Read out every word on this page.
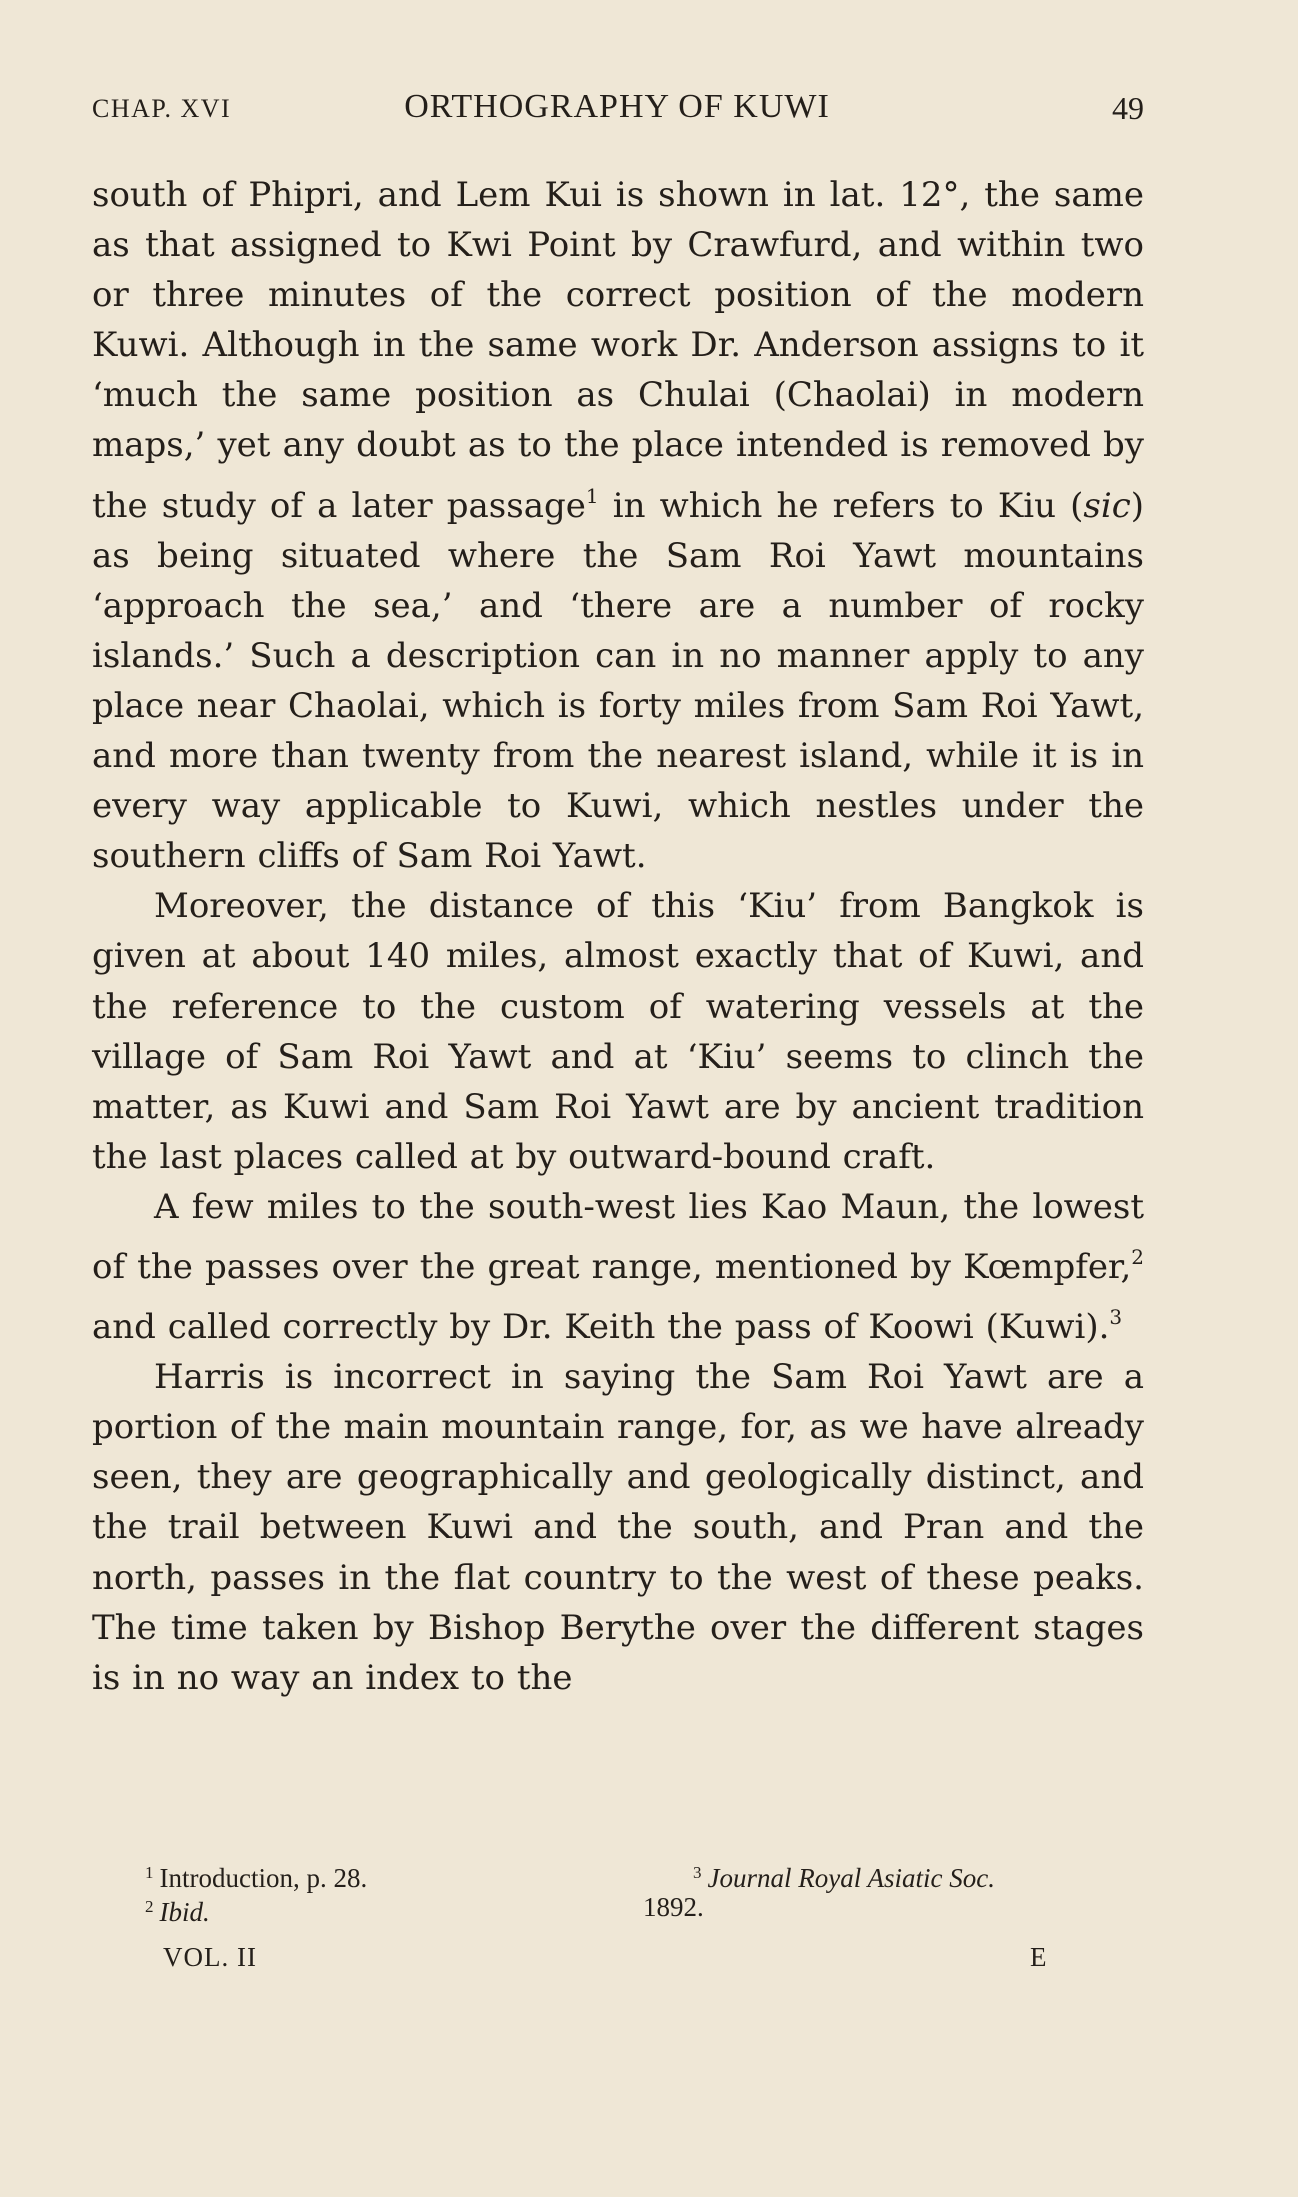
CHAP. XVI	ORTHOGRAPHY OF KUWI	49

south of Phipri, and Lem Kui is shown in lat. 12°, the same as that assigned to Kwi Point by Crawfurd, and within two or three minutes of the correct position of the modern Kuwi. Although in the same work Dr. Anderson assigns to it ‘much the same position as Chulai (Chaolai) in modern maps,’ yet any doubt as to the place intended is removed by the study of a later passage$^1$ in which he refers to Kiu (sic) as being situated where the Sam Roi Yawt mountains ‘approach the sea,’ and ‘there are a number of rocky islands.’ Such a description can in no manner apply to any place near Chaolai, which is forty miles from Sam Roi Yawt, and more than twenty from the nearest island, while it is in every way applicable to Kuwi, which nestles under the southern cliffs of Sam Roi Yawt.

Moreover, the distance of this ‘Kiu’ from Bangkok is given at about 140 miles, almost exactly that of Kuwi, and the reference to the custom of watering vessels at the village of Sam Roi Yawt and at ‘Kiu’ seems to clinch the matter, as Kuwi and Sam Roi Yawt are by ancient tradition the last places called at by outward-bound craft.

A few miles to the south-west lies Kao Maun, the lowest of the passes over the great range, mentioned by Kœmpfer,$^2$ and called correctly by Dr. Keith the pass of Koowi (Kuwi).$^3$

Harris is incorrect in saying the Sam Roi Yawt are a portion of the main mountain range, for, as we have already seen, they are geographically and geologically distinct, and the trail between Kuwi and the south, and Pran and the north, passes in the flat country to the west of these peaks. The time taken by Bishop Berythe over the different stages is in no way an index to the

$^1$ Introduction, p. 28.
$^2$ Ibid.
$^3$ Journal Royal Asiatic Soc.
1892.
VOL. II	E
